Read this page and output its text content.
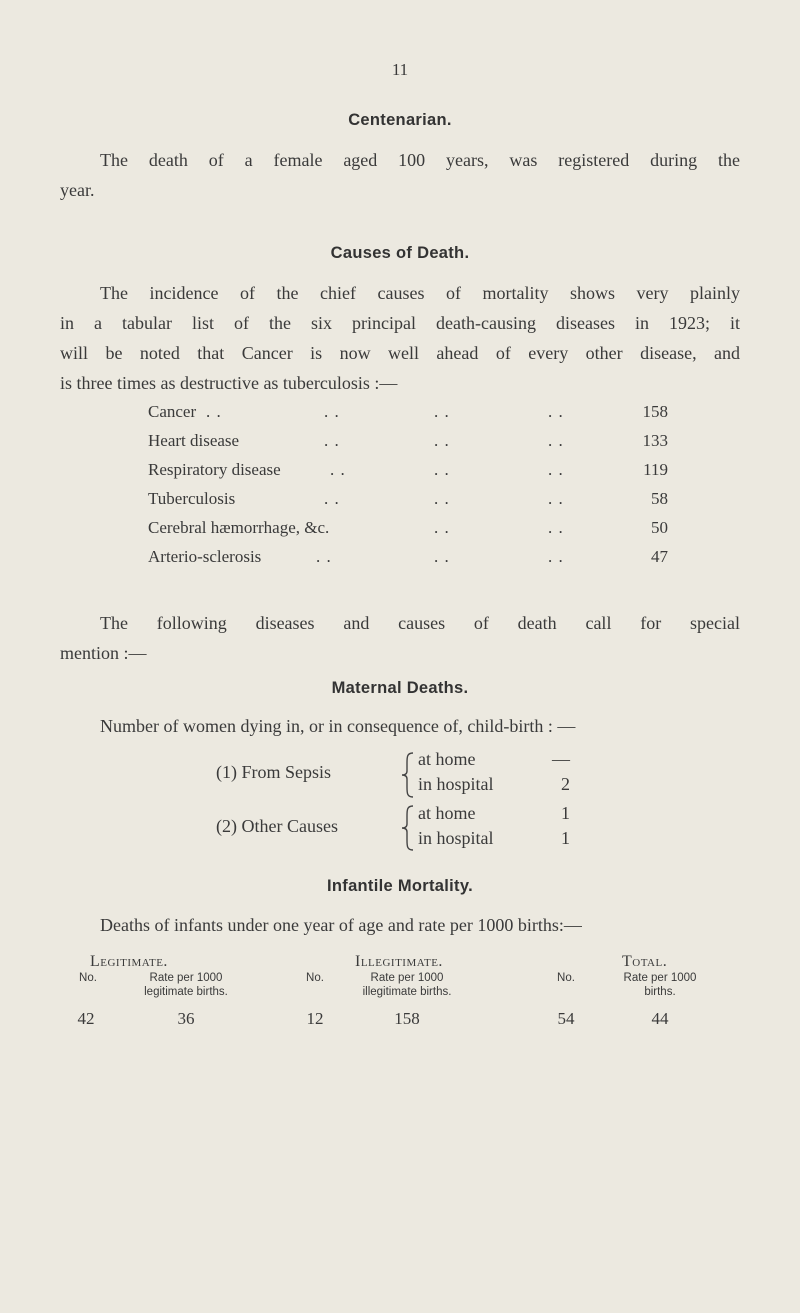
11
Centenarian.
The death of a female aged 100 years, was registered during the
year.
Causes of Death.
The incidence of the chief causes of mortality shows very plainly
in a tabular list of the six principal death-causing diseases in 1923; it
will be noted that Cancer is now well ahead of every other disease, and
is three times as destructive as tuberculosis :—
Cancer . .	. .	. .	. .	158
Heart disease	. .	. .	. .	133
Respiratory disease	. .	. .	. .	119
Tuberculosis	. .	. .	. .	58
Cerebral hæmorrhage, &c.	. .	. .	50
Arterio-sclerosis	. .	. .	. .	47
The following diseases and causes of death call for special
mention :—
Maternal Deaths.
Number of women dying in, or in consequence of, child-birth : —
(1) From Sepsis
at home	—
in hospital	2
(2) Other Causes
at home	1
in hospital	1
Infantile Mortality.
Deaths of infants under one year of age and rate per 1000 births:—
Legitimate.
No.	Rate per 1000
legitimate births.
42	36
Illegitimate.
No.	Rate per 1000
illegitimate births.
12	158
Total.
No.	Rate per 1000
births.
54	44
